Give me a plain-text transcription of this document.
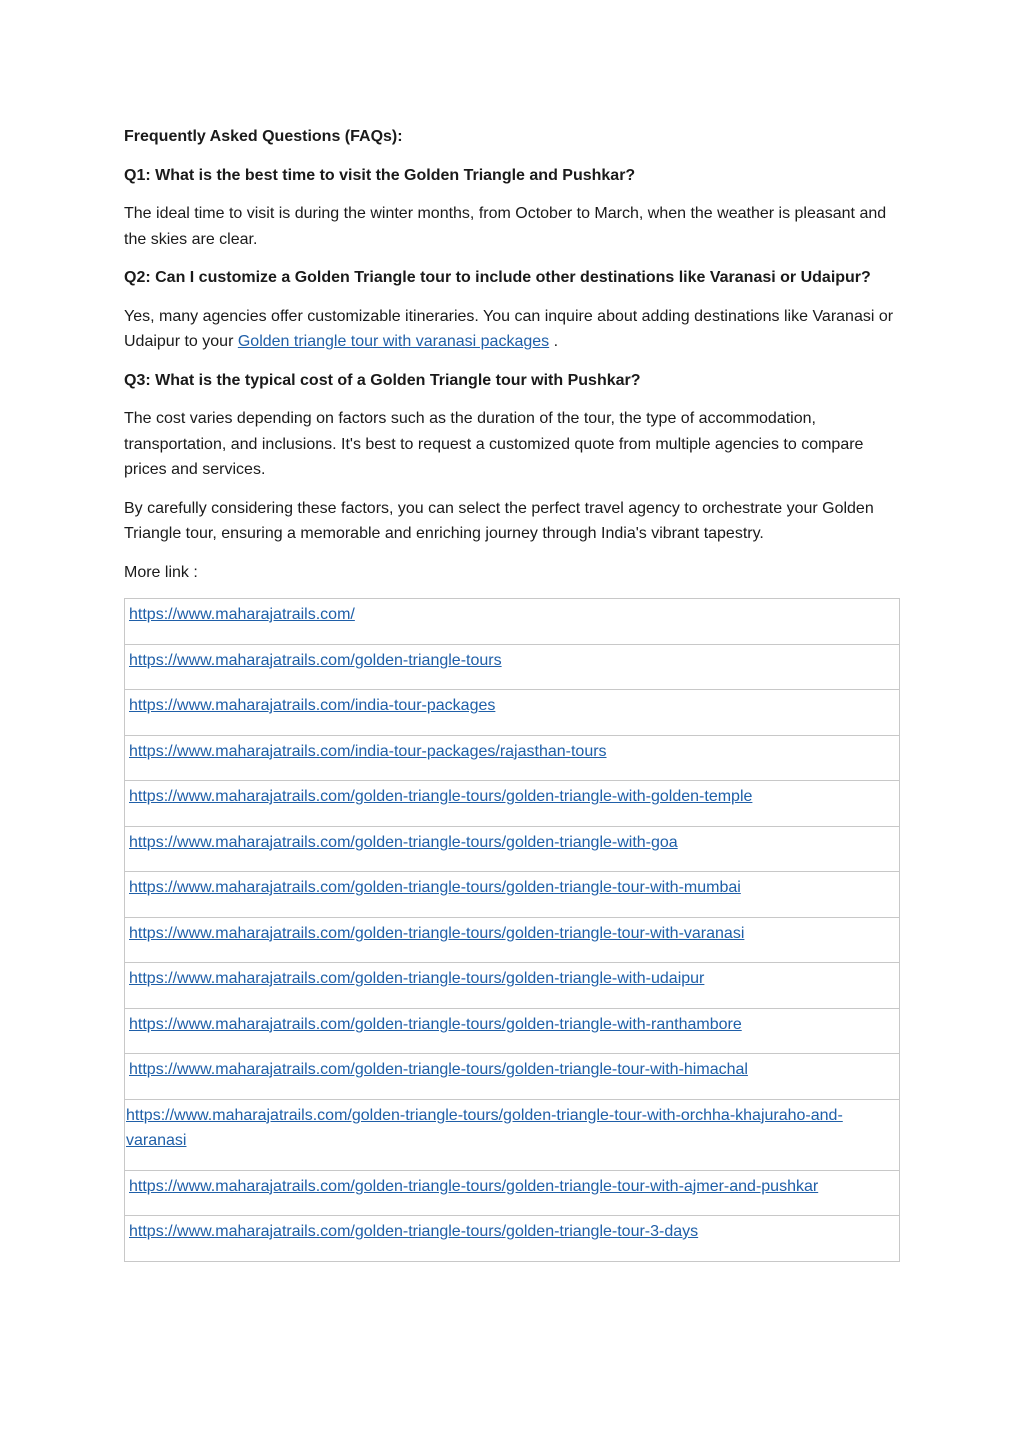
Frequently Asked Questions (FAQs):

Q1: What is the best time to visit the Golden Triangle and Pushkar?

The ideal time to visit is during the winter months, from October to March, when the weather is pleasant and the skies are clear.

Q2: Can I customize a Golden Triangle tour to include other destinations like Varanasi or Udaipur?

Yes, many agencies offer customizable itineraries. You can inquire about adding destinations like Varanasi or Udaipur to your Golden triangle tour with varanasi packages .

Q3: What is the typical cost of a Golden Triangle tour with Pushkar?

The cost varies depending on factors such as the duration of the tour, the type of accommodation, transportation, and inclusions. It's best to request a customized quote from multiple agencies to compare prices and services.

By carefully considering these factors, you can select the perfect travel agency to orchestrate your Golden Triangle tour, ensuring a memorable and enriching journey through India's vibrant tapestry.

More link :

https://www.maharajatrails.com/
https://www.maharajatrails.com/golden-triangle-tours
https://www.maharajatrails.com/india-tour-packages
https://www.maharajatrails.com/india-tour-packages/rajasthan-tours
https://www.maharajatrails.com/golden-triangle-tours/golden-triangle-with-golden-temple
https://www.maharajatrails.com/golden-triangle-tours/golden-triangle-with-goa
https://www.maharajatrails.com/golden-triangle-tours/golden-triangle-tour-with-mumbai
https://www.maharajatrails.com/golden-triangle-tours/golden-triangle-tour-with-varanasi
https://www.maharajatrails.com/golden-triangle-tours/golden-triangle-with-udaipur
https://www.maharajatrails.com/golden-triangle-tours/golden-triangle-with-ranthambore
https://www.maharajatrails.com/golden-triangle-tours/golden-triangle-tour-with-himachal
https://www.maharajatrails.com/golden-triangle-tours/golden-triangle-tour-with-orchha-khajuraho-and-varanasi
https://www.maharajatrails.com/golden-triangle-tours/golden-triangle-tour-with-ajmer-and-pushkar
https://www.maharajatrails.com/golden-triangle-tours/golden-triangle-tour-3-days
